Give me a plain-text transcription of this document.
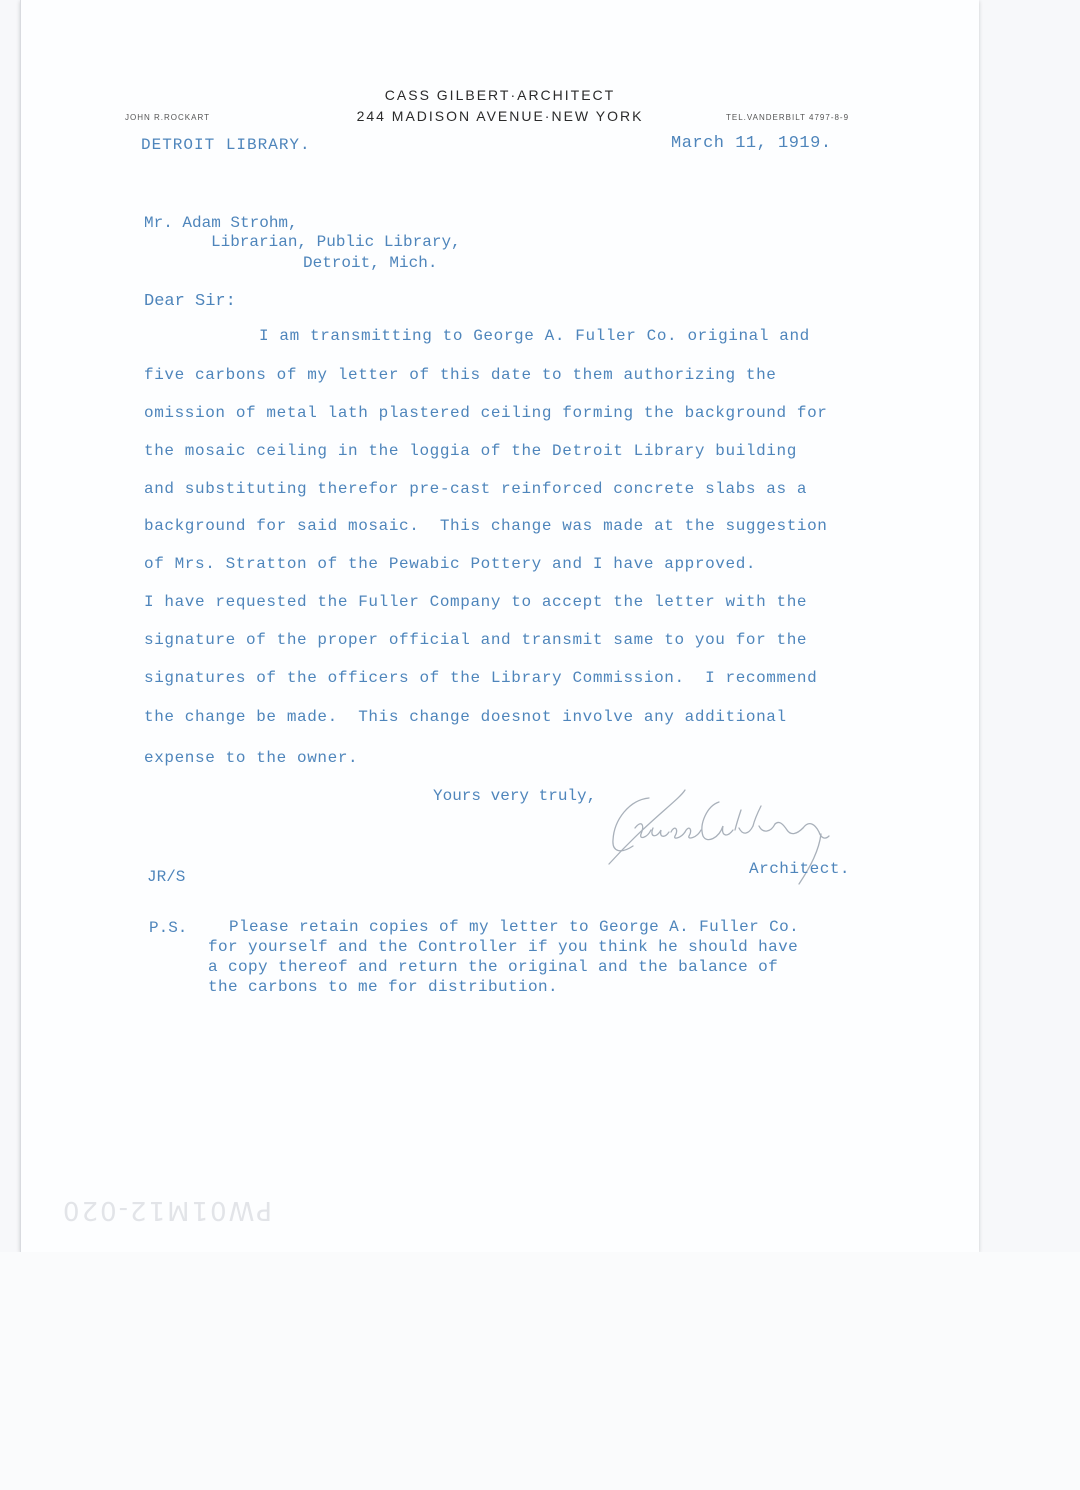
CASS GILBERT·ARCHITECT
244 MADISON AVENUE·NEW YORK
JOHN R.ROCKART	TEL.VANDERBILT 4797-8-9
DETROIT LIBRARY.	March 11, 1919.
Mr. Adam Strohm,
Librarian, Public Library,
Detroit, Mich.
Dear Sir:
I am transmitting to George A. Fuller Co. original and
five carbons of my letter of this date to them authorizing the
omission of metal lath plastered ceiling forming the background for
the mosaic ceiling in the loggia of the Detroit Library building
and substituting therefor pre-cast reinforced concrete slabs as a
background for said mosaic.  This change was made at the suggestion
of Mrs. Stratton of the Pewabic Pottery and I have approved.
I have requested the Fuller Company to accept the letter with the
signature of the proper official and transmit same to you for the
signatures of the officers of the Library Commission.  I recommend
the change be made.  This change doesnot involve any additional
expense to the owner.
Yours very truly,
Architect.
JR/S
P.S.	Please retain copies of my letter to George A. Fuller Co.
for yourself and the Controller if you think he should have
a copy thereof and return the original and the balance of
the carbons to me for distribution.
PW01M12-020
